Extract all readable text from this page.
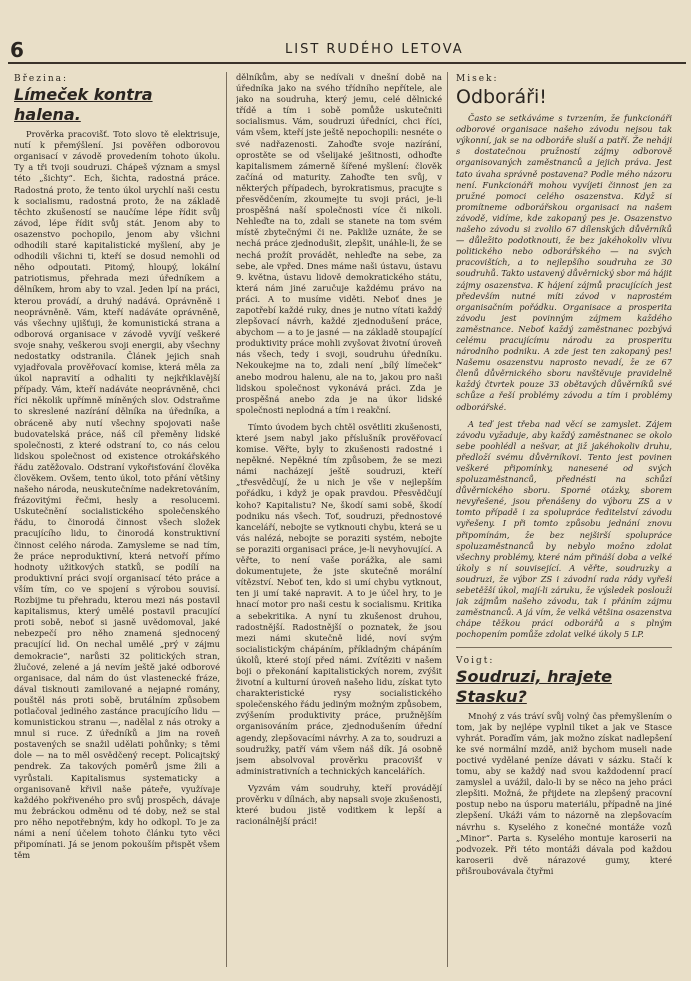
6	LIST RUDÉHO LETOVA
Březina:
Límeček kontra halena.

Prověrka pracovišť. Toto slovo tě elektrisuje, nutí k přemýšlení. Jsi pověřen odborovou organisací v závodě provedením tohoto úkolu. Ty a tři tvoji soudruzi. Chápeš význam a smysl této „šichty“. Ech, šichta, radostná práce. Radostná proto, že tento úkol urychlí naši cestu k socialismu, radostná proto, že na základě těchto zkušeností se naučíme lépe řídit svůj závod, lépe řídit svůj stát. Jenom aby to osazenstvo pochopilo, jenom aby všichni odhodili staré kapitalistické myšlení, aby je odhodili všichni ti, kteří se dosud nemohli od něho odpoutati. Pitomý, hloupý, lokální patriotismus, přehrada mezi úředníkem a dělníkem, hrom aby to vzal. Jeden lpí na práci, kterou provádí, a druhý nadává. Oprávněně i neoprávněně. Vám, kteří nadáváte oprávněně, vás všechny ujišťuji, že komunistická strana a odborová organisace v závodě vyvíjí veškeré svoje snahy, veškerou svoji energii, aby všechny nedostatky odstranila. Článek jejich snah vyjadřovala prověřovací komise, která měla za úkol napravití a odhaliti ty nejkřiklavější případy. Vám, kteří nadáváte neoprávněně, chci říci několik upřímně míněných slov. Odstraňme to skreslené nazírání dělníka na úředníka, a obráceně aby nutí všechny spojovati naše budovatelská práce, náš cíl přeměny lidské společnosti, z které odstraní to, co nás celou lidskou společnost od existence otrokářského řádu zatěžovalo. Odstraní vykořisťování člověka člověkem. Ovšem, tento úkol, toto přání většiny našeho národa, neuskutečníme nadekretováním, frázovitými řečmi, hesly a resolucemi. Uskutečnění socialistického společenského řádu, to činorodá činnost všech složek pracujícího lidu, to činorodá konstruktivní činnost celého národa. Zamysleme se nad tím, že práce neproduktivní, která netvoří přímo hodnoty užitkových statků, se podílí na produktivní práci svojí organisací této práce a vším tím, co ve spojení s výrobou souvisí. Rozbijme tu přehradu, kterou mezi nás postavil kapitalismus, který umělé postavil pracující proti sobě, neboť si jasně uvědomoval, jaké nebezpečí pro něho znamená sjednocený pracující lid. On nechal umělé „prý v zájmu demokracie“, narůsti 32 politických stran, žlučové, zelené a já nevím ještě jaké odborové organisace, dal nám do úst vlastenecké fráze, dával tisknouti zamilované a nejapné romány, pouštěl nás proti sobě, brutálním způsobem potlačoval jediného zastánce pracujícího lidu — komunistickou stranu —, nadělal z nás otroky a mnul si ruce. Z úředníků a jim na roveň postavených se snažil udělati pohůnky; s těmi dole — na to měl osvědčený recept. Policajtský pendrek. Za takových poměrů jsme žili a vyrůstali. Kapitalismus systematicky a organisovaně křivil naše páteře, využívaje každého pokřiveného pro svůj prospěch, dávaje mu žebráckou odměnu od té doby, než se stal pro něho nepotřebným, kdy ho odkopl. To je za námi a není účelem tohoto článku tyto věci připomínati. Já se jenom pokouším přispět všem těm

dělníkům, aby se nedívali v dnešní době na úředníka jako na svého třídního nepřítele, ale jako na soudruha, který jemu, celé dělnické třídě a tím i sobě pomůže uskutečniti socialismus. Vám, soudruzi úředníci, chci říci, vám všem, kteří jste ještě nepochopili: nesnéte o své nadřazenosti. Zahoďte svoje nazírání, oprostěte se od všelijaké ješitnosti, odhoďte kapitalismem zámerně šířené myšlení: člověk začíná od maturity. Zahoďte ten svůj, v některých případech, byrokratismus, pracujte s přesvědčením, zkoumejte tu svoji práci, je-li prospěšná naší společnosti více či nikoli. Nehleďte na to, zdali se stanete na tom svém místě zbytečnými či ne. Pakliže uznáte, že se nechá práce zjednodušit, zlepšit, unáhle-li, že se nechá prožít provádět, nehleďte na sebe, za sebe, ale vpřed. Dnes máme naši ústavu, ústavu 9. května, ústavu lidově demokratického státu, která nám jiné zaručuje každému právo na práci. A to musíme viděti. Neboť dnes je zapotřebí každé ruky, dnes je nutno vítati každý zlepšovací návrh, každé zjednodušení práce, abychom — a to je jasné — na základě stoupající produktivity práce mohli zvyšovat životní úroveň nás všech, tedy i svoji, soudruhu úředníku. Nekoukejme na to, zdali není „bílý límeček“ anebo modrou halenu, ale na to, jakou pro naši lidskou společnost vykonává práci. Zda je prospěšná anebo zda je na úkor lidské společnosti neplodná a tím i reakční.

Tímto úvodem bych chtěl osvětliti zkušenosti, které jsem nabyl jako příslušník prověřovací komise. Věřte, byly to zkušenosti radostné i nepěkné. Nepěkné tím způsobem, že se mezi námi nacházejí ještě soudruzi, kteří „třesvědčují, že u nich je vše v nejlepším pořádku, i když je opak pravdou. Přesvědčují koho? Kapitalistu? Ne, škodí sami sobě, škodí podniku nás všech. Toť, soudruzi, přednostové kanceláří, nebojte se vytknouti chybu, která se u vás nalézá, nebojte se poraziti systém, nebojte se poraziti organisaci práce, je-li nevyhovující. A věřte, to není vaše porážka, ale sami dokumentujete, že jste skutečně morální vítězství. Neboť ten, kdo si umí chybu vytknout, ten ji umí také napravit. A to je účel hry, to je hnací motor pro naši cestu k socialismu. Kritika a sebekritika. A nyní tu zkušenost druhou, radostnější. Radostnější o poznatek, že jsou mezi námi skutečně lidé, noví svým socialistickým chápáním, příkladným chápáním úkolů, které stojí před námi. Zvítěziti v našem boji o překonání kapitalistických norem, zvýšit životní a kulturní úroveň našeho lidu, získat tyto charakteristické rysy socialistického společenského řádu jediným možným způsobem, zvýšením produktivity práce, pružnějším organisováním práce, zjednodušením úřední agendy, zlepšovacími návrhy. A za to, soudruzi a soudružky, patří vám všem náš dík. Já osobně jsem absolvoval prověrku pracovišť v administrativních a technických kancelářích.

Vyzvám vám soudruhy, kteří provádějí prověrku v dílnách, aby napsali svoje zkušenosti, které budou jistě voditkem k lepší a racionálnější práci!

Misek:
Odboráři!

Často se setkáváme s tvrzením, že funkcionáři odborové organisace našeho závodu nejsou tak výkonní, jak se na odboráře sluší a patří. Že nehájí s dostatečnou pružností zájmy odborově organisovaných zaměstnanců a jejich práva. Jest tato úvaha správně postavena? Podle mého názoru není. Funkcionáři mohou vyvíjeti činnost jen za pružné pomoci celého osazenstva. Když si promítneme odborářskou organisaci na našem závodě, vidíme, kde zakopaný pes je. Osazenstvo našeho závodu si zvolilo 67 dílenských důvěrníků — důležito podotknouti, že bez jakéhokoliv vlivu politického nebo odborářského — na svých pracovištích, a to nejlepšího soudruha ze 30 soudruhů. Takto ustavený důvěrnický sbor má hájit zájmy osazenstva. K hájení zájmů pracujících jest především nutné míti závod v naprostém organisačním pořádku. Organisace a prosperita závodu jest povinným zájmem každého zaměstnance. Neboť každý zaměstnanec pozbývá celému pracujícímu národu za prosperitu národního podniku. A zde jest ten zakopaný pes! Našemu osazenstvu naprosto nevadí, že ze 67 členů důvěrnického sboru navštěvuje pravidelně každý čtvrtek pouze 33 obětavých důvěrníků své schůze a řeší problémy závodu a tím i problémy odborářské.

A teď jest třeba nad věcí se zamyslet. Zájem závodu vyžaduje, aby každý zaměstnanec se okolo sebe poohlédl a nešvar, at již jakéhokoliv druhu, předloží svému důvěrníkovi. Tento jest povinen veškeré připomínky, nanesené od svých spoluzaměstnanců, přednésti na schůzi důvěrnického sboru. Sporné otázky, sborem nevyřešené, jsou přenášeny do výboru ZS a v tomto případě i za spolupráce ředitelství závodu vyřešeny. I při tomto způsobu jednání znovu připomínám, že bez nejširší spolupráce spoluzaměstnanců by nebylo možno zdolat všechny problémy, které nám přináší doba a velké úkoly s ní související. A věřte, soudruzky a soudruzi, že výbor ZS i závodní rada rády vyřeší sebetěžší úkol, mají-li záruku, že výsledek poslouží jak zájmům našeho závodu, tak i přáním zájmu zaměstnanců. A já vím, že velká většina osazenstva chápe těžkou práci odborářů a s plným pochopením pomůže zdolat velké úkoly 5 LP.

Voigt:
Soudruzi, hrajete Stasku?

Mnohý z vás tráví svůj volný čas přemyšlením o tom, jak by nejlépe vyplnil tiket a jak ve Stasce vyhrát. Poraďím vám, jak možno získat nadlepšení ke své normální mzdě, aniž bychom museli nade poctivé vydělané peníze dávati v sázku. Stačí k tomu, aby se každý nad svou každodenní prací zamyslel a uvážil, dalo-li by se něco na jeho práci zlepšiti. Možná, že přijdete na zlepšený pracovní postup nebo na úsporu materiálu, případně na jiné zlepšení. Ukáži vám to názorně na zlepšovacím návrhu s. Kyselého z konečné montáže vozů „Minor“. Parta s. Kyselého montuje karoserii na podvozek. Při této montáži dávala pod každou karoserii dvě nárazové gumy, které přišroubovávala čtyřmi
